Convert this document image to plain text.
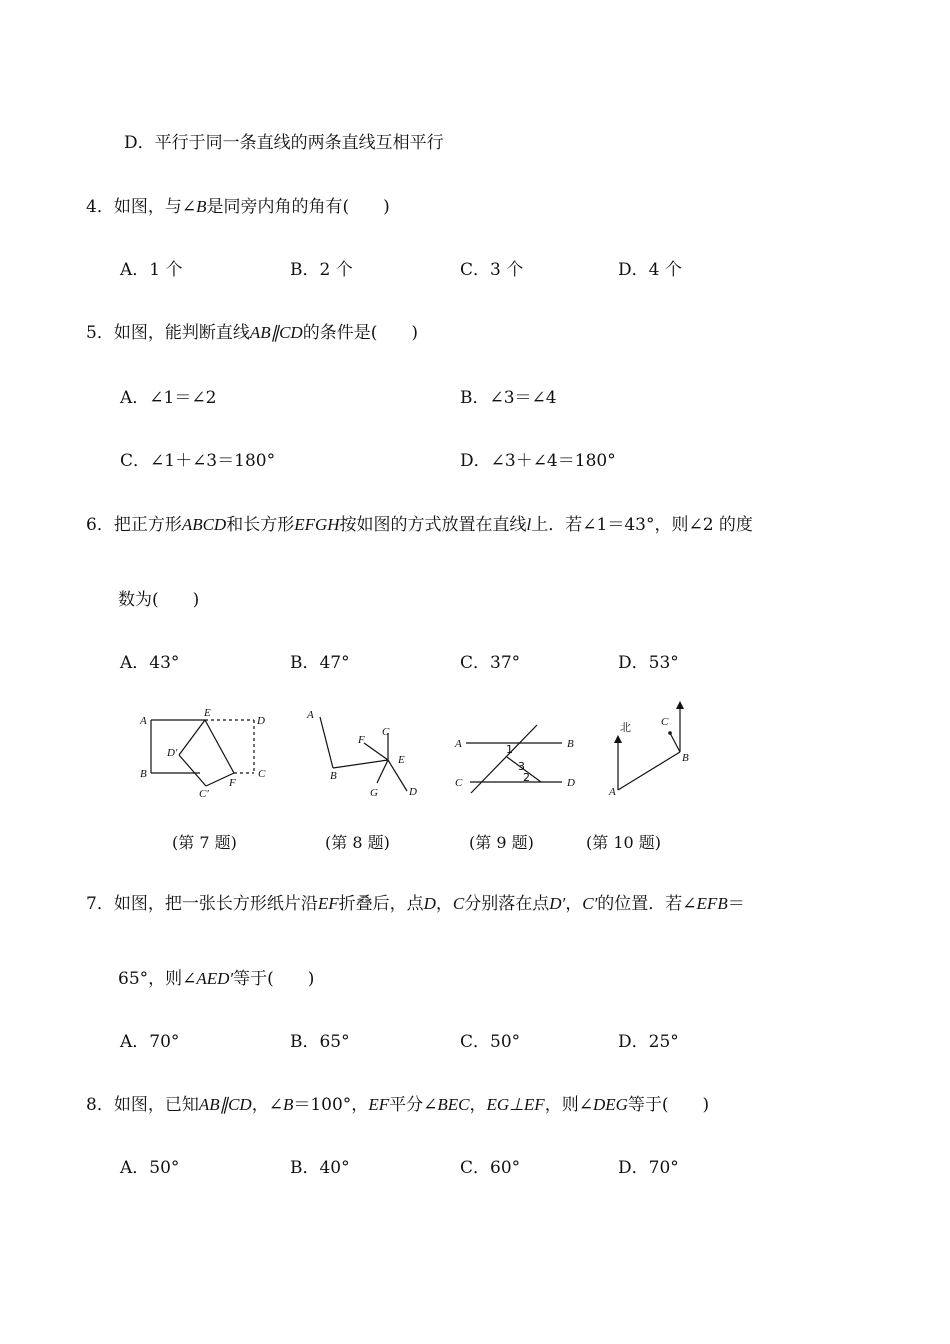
D．平行于同一条直线的两条直线互相平行
4．如图，与∠B是同旁内角的角有(　　)
A．1 个	B．2 个	C．3 个	D．4 个
5．如图，能判断直线AB∥CD的条件是(　　)
A．∠1＝∠2	B．∠3＝∠4
C．∠1＋∠3＝180°	D．∠3＋∠4＝180°
6．把正方形ABCD和长方形EFGH按如图的方式放置在直线l上．若∠1＝43°，则∠2 的度
数为(　　)
A．43°	B．47°	C．37°	D．53°
A
E
D
D′
B	C
C′
F
A
C
F
E
B
G	D
A	B
C	D
1
3
2
北	C
B
A
(第 7 题)	(第 8 题)	(第 9 题)	(第 10 题)
7．如图，把一张长方形纸片沿EF折叠后，点D，C分别落在点D′，C′的位置．若∠EFB＝
65°，则∠AED′等于(　　)
A．70°	B．65°	C．50°	D．25°
8．如图，已知AB∥CD，∠B＝100°，EF平分∠BEC，EG⊥EF，则∠DEG等于(　　)
A．50°	B．40°	C．60°	D．70°
